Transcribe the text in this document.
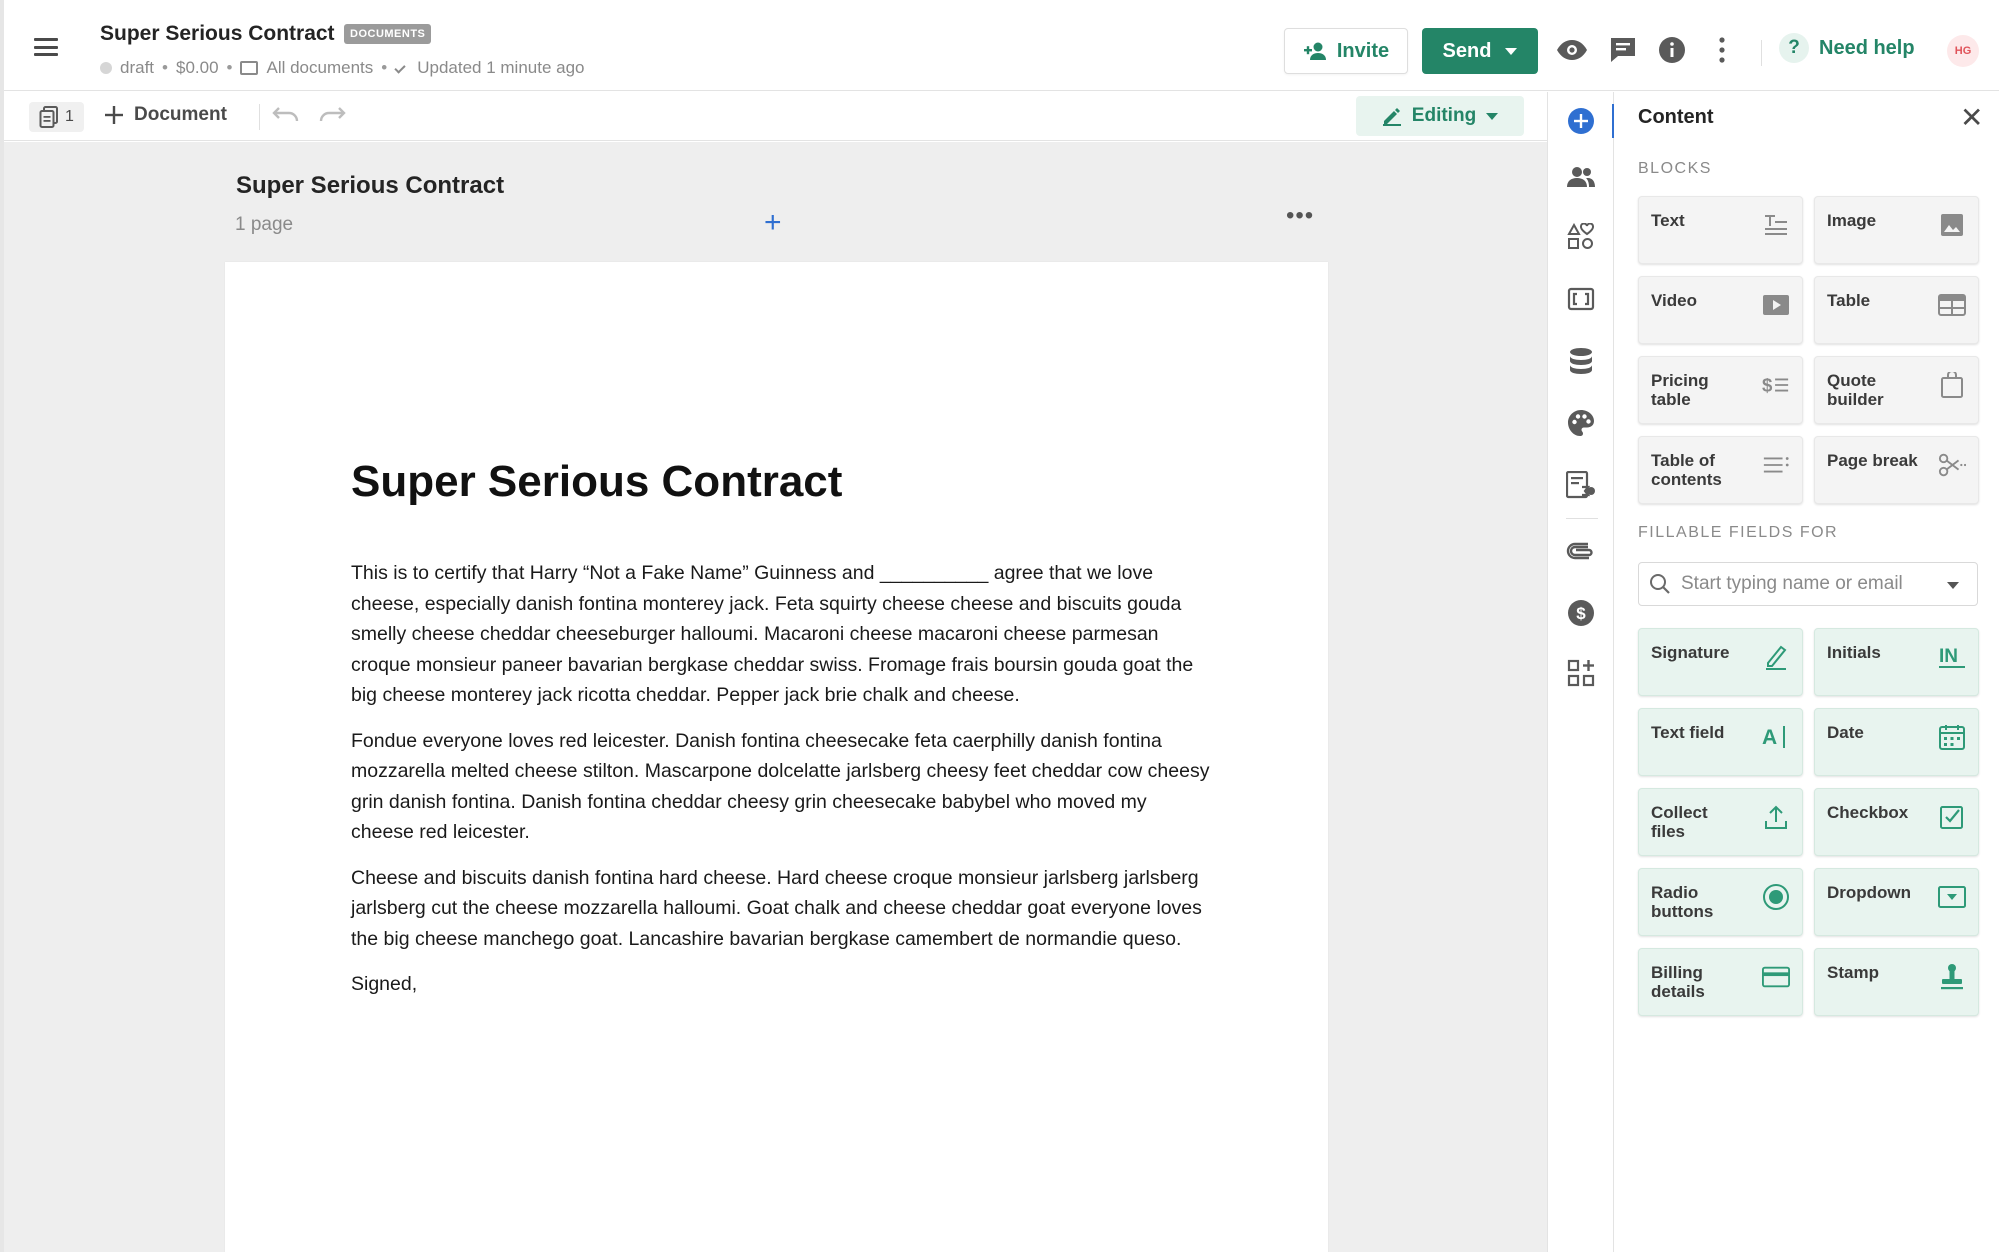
Super Serious Contract	DOCUMENTS
draft • $0.00 • All documents • Updated 1 minute ago
Invite	Send	? Need help	HG
1	Document	Editing
Super Serious Contract
1 page	+	•••
Super Serious Contract

This is to certify that Harry “Not a Fake Name” Guinness and __________ agree that we love cheese, especially danish fontina monterey jack. Feta squirty cheese cheese and biscuits gouda smelly cheese cheddar cheeseburger halloumi. Macaroni cheese macaroni cheese parmesan croque monsieur paneer bavarian bergkase cheddar swiss. Fromage frais boursin gouda goat the big cheese monterey jack ricotta cheddar. Pepper jack brie chalk and cheese.

Fondue everyone loves red leicester. Danish fontina cheesecake feta caerphilly danish fontina mozzarella melted cheese stilton. Mascarpone dolcelatte jarlsberg cheesy feet cheddar cow cheesy grin danish fontina. Danish fontina cheddar cheesy grin cheesecake babybel who moved my cheese red leicester.

Cheese and biscuits danish fontina hard cheese. Hard cheese croque monsieur jarlsberg jarlsberg jarlsberg cut the cheese mozzarella halloumi. Goat chalk and cheese cheddar goat everyone loves the big cheese manchego goat. Lancashire bavarian bergkase camembert de normandie queso.

Signed,

$
Content	✕
BLOCKS
Text	Image
Video	Table
Pricing table
$	Quote builder
Table of contents
Page break
FILLABLE FIELDS FOR
Start typing name or email
Signature	Initials	IN
Text field	A	Date
Collect files
Checkbox
Radio buttons
Dropdown
Billing details
Stamp
